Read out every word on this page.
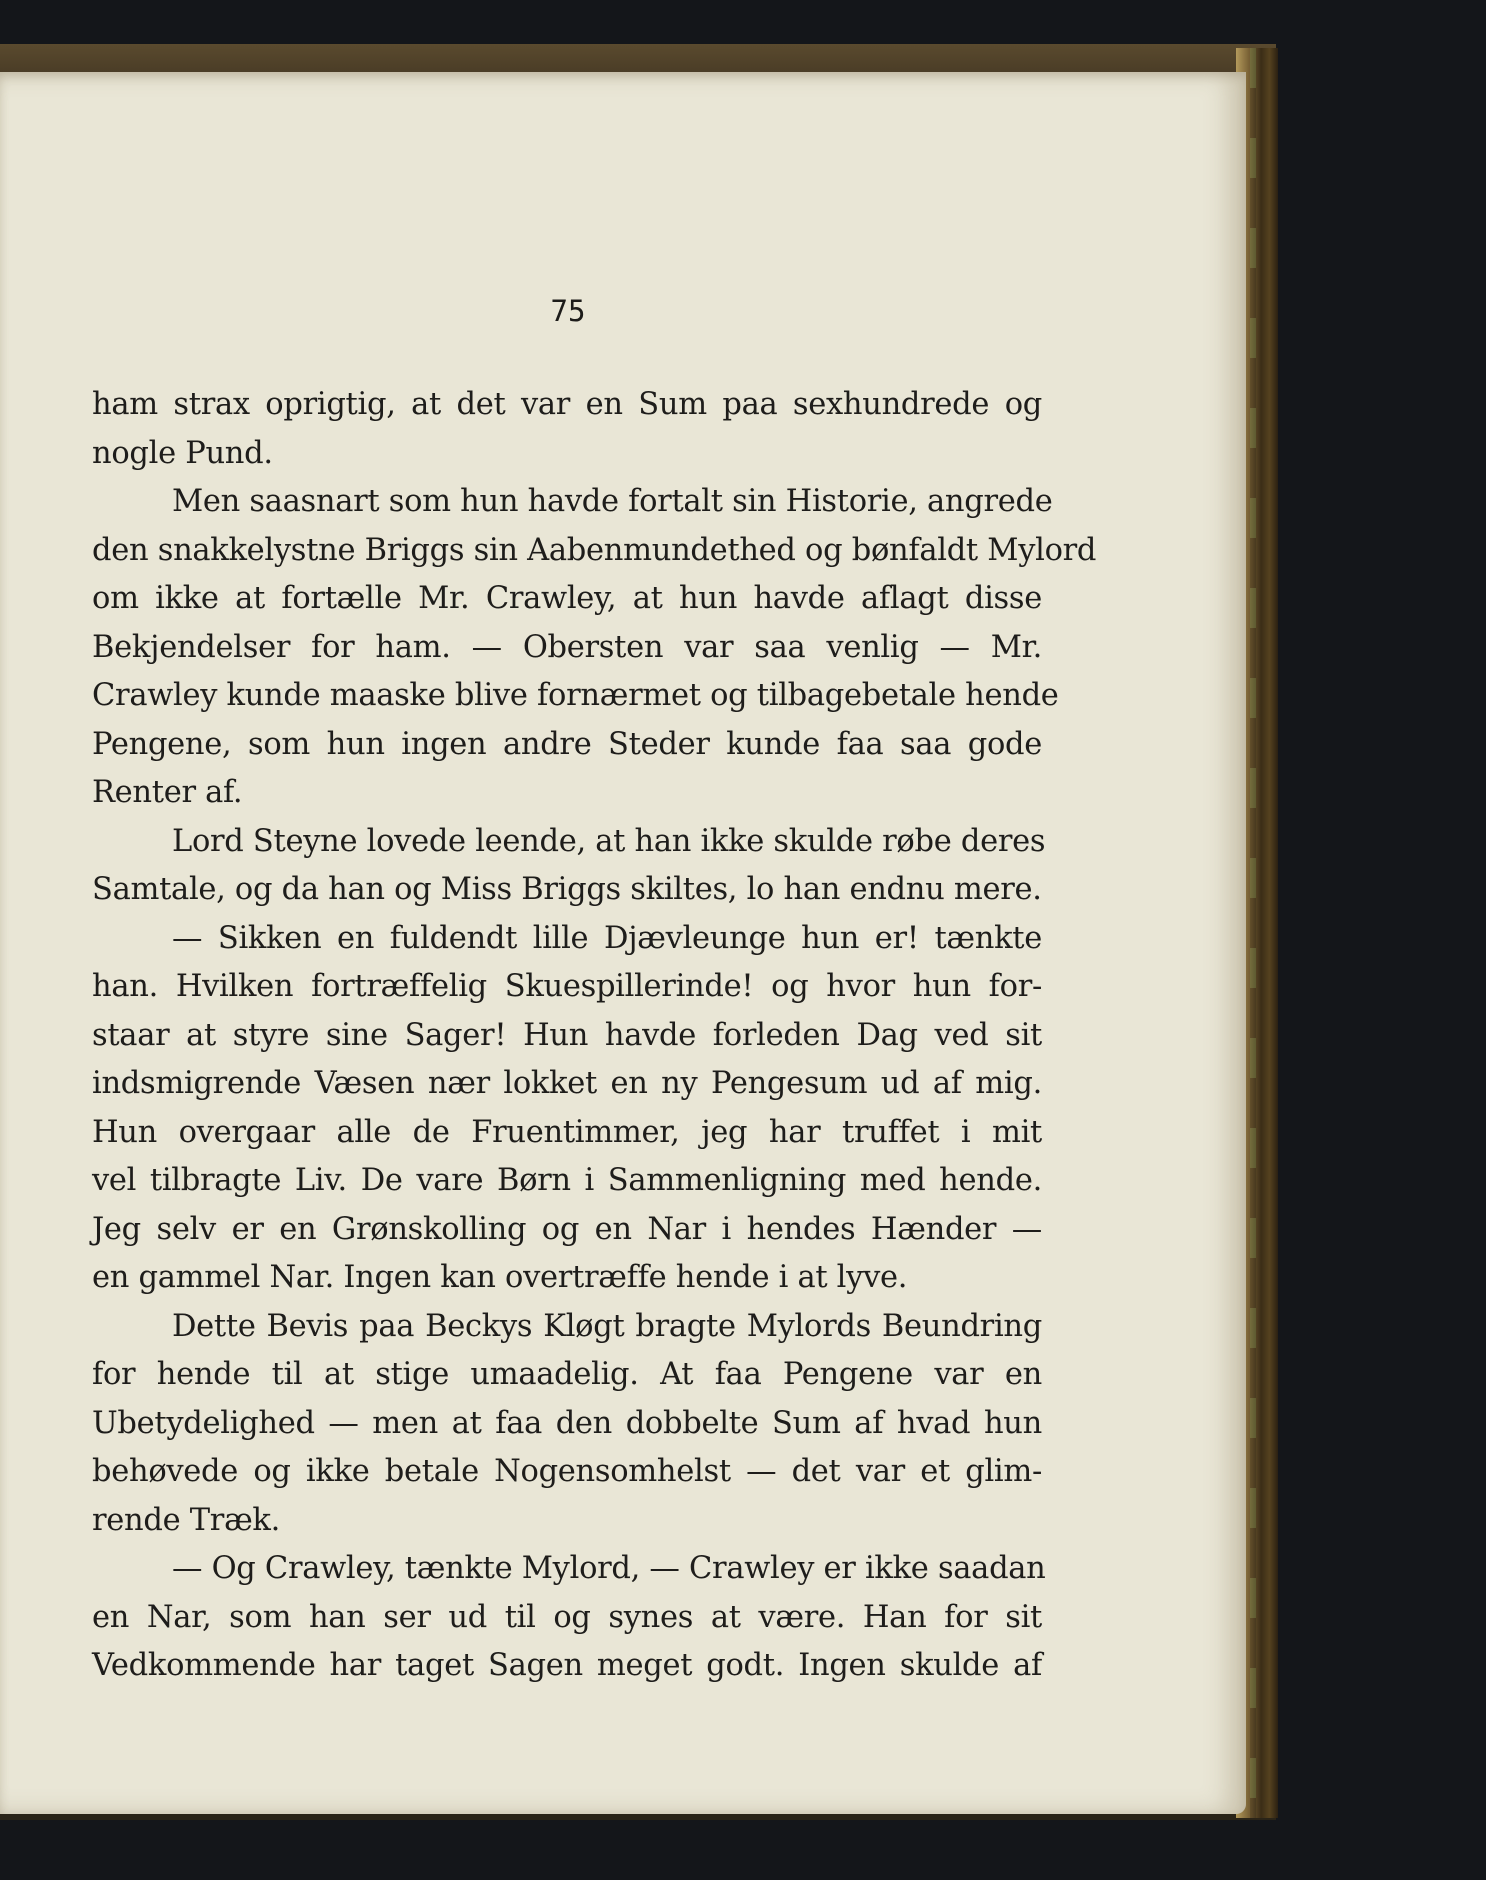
75
ham strax oprigtig, at det var en Sum paa sexhundrede og
nogle Pund.
Men saasnart som hun havde fortalt sin Historie, angrede
den snakkelystne Briggs sin Aabenmundethed og bønfaldt Mylord
om ikke at fortælle Mr. Crawley, at hun havde aflagt disse
Bekjendelser for ham. — Obersten var saa venlig — Mr.
Crawley kunde maaske blive fornærmet og tilbagebetale hende
Pengene, som hun ingen andre Steder kunde faa saa gode
Renter af.
Lord Steyne lovede leende, at han ikke skulde røbe deres
Samtale, og da han og Miss Briggs skiltes, lo han endnu mere.
— Sikken en fuldendt lille Djævleunge hun er! tænkte
han. Hvilken fortræffelig Skuespillerinde! og hvor hun for-
staar at styre sine Sager! Hun havde forleden Dag ved sit
indsmigrende Væsen nær lokket en ny Pengesum ud af mig.
Hun overgaar alle de Fruentimmer, jeg har truffet i mit
vel tilbragte Liv. De vare Børn i Sammenligning med hende.
Jeg selv er en Grønskolling og en Nar i hendes Hænder —
en gammel Nar. Ingen kan overtræffe hende i at lyve.
Dette Bevis paa Beckys Kløgt bragte Mylords Beundring
for hende til at stige umaadelig. At faa Pengene var en
Ubetydelighed — men at faa den dobbelte Sum af hvad hun
behøvede og ikke betale Nogensomhelst — det var et glim-
rende Træk.
— Og Crawley, tænkte Mylord, — Crawley er ikke saadan
en Nar, som han ser ud til og synes at være. Han for sit
Vedkommende har taget Sagen meget godt. Ingen skulde af
